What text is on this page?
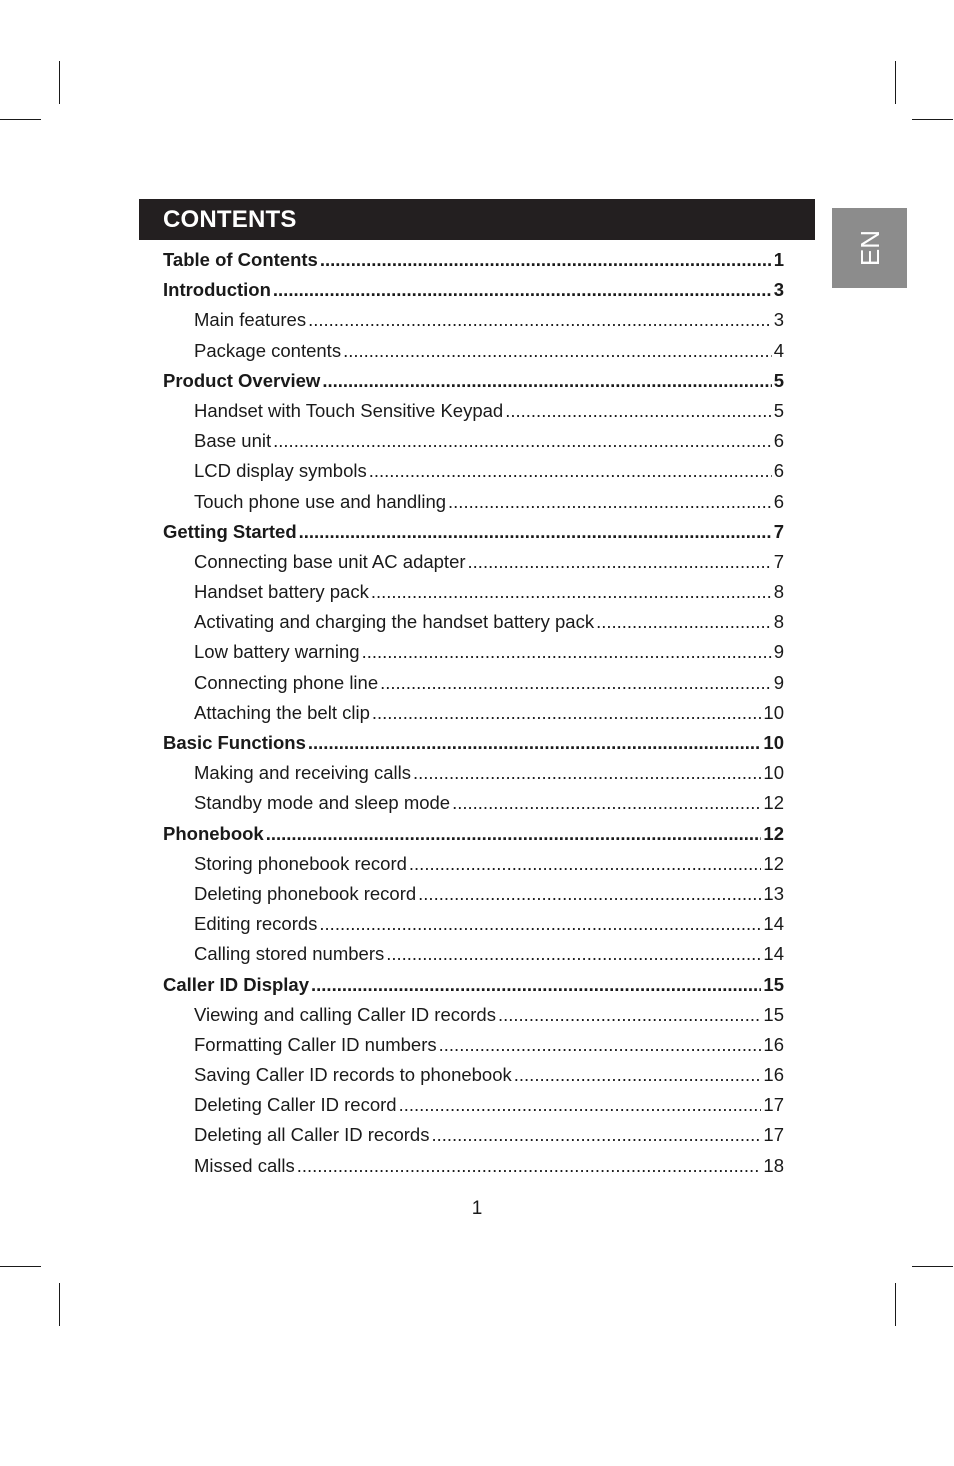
CONTENTS
EN
Table of Contents .....	1
Introduction .....	3
Main features .....	3
Package contents .....	4
Product Overview .....	5
Handset with Touch Sensitive Keypad .....	5
Base unit .....	6
LCD display symbols .....	6
Touch phone use and handling .....	6
Getting Started .....	7
Connecting base unit AC adapter .....	7
Handset battery pack .....	8
Activating and charging the handset battery pack .....	8
Low battery warning .....	9
Connecting phone line .....	9
Attaching the belt clip .....	10
Basic Functions .....	10
Making and receiving calls .....	10
Standby mode and sleep mode .....	12
Phonebook .....	12
Storing phonebook record .....	12
Deleting phonebook record .....	13
Editing records .....	14
Calling stored numbers .....	14
Caller ID Display .....	15
Viewing and calling Caller ID records .....	15
Formatting Caller ID numbers .....	16
Saving Caller ID records to phonebook .....	16
Deleting Caller ID record .....	17
Deleting all Caller ID records .....	17
Missed calls .....	18
1
